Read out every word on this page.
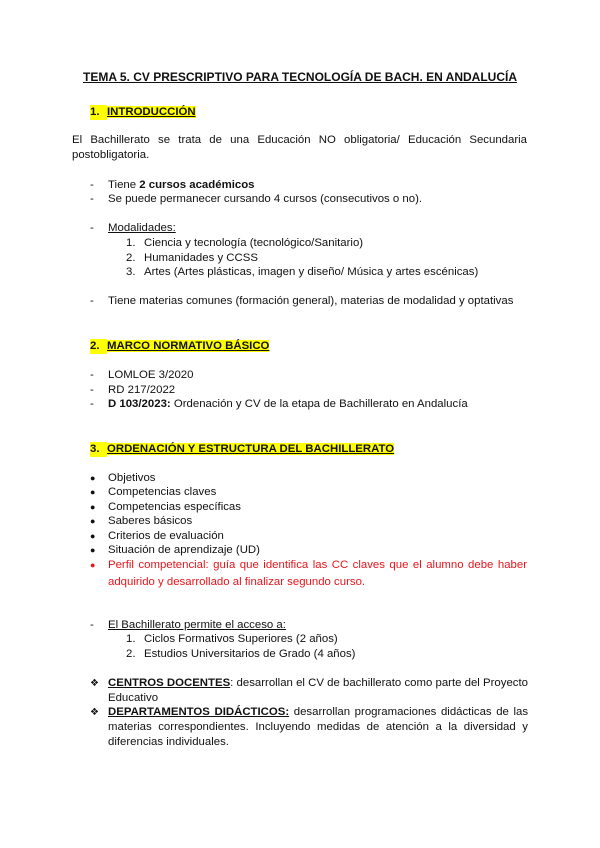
TEMA 5. CV PRESCRIPTIVO PARA TECNOLOGÍA DE BACH. EN ANDALUCÍA
1. INTRODUCCIÓN
El Bachillerato se trata de una Educación NO obligatoria/ Educación Secundaria
postobligatoria.
- Tiene 2 cursos académicos
- Se puede permanecer cursando 4 cursos (consecutivos o no).
- Modalidades:
1. Ciencia y tecnología (tecnológico/Sanitario)
2. Humanidades y CCSS
3. Artes (Artes plásticas, imagen y diseño/ Música y artes escénicas)
- Tiene materias comunes (formación general), materias de modalidad y optativas
2. MARCO NORMATIVO BÁSICO
- LOMLOE 3/2020
- RD 217/2022
- D 103/2023: Ordenación y CV de la etapa de Bachillerato en Andalucía
3. ORDENACIÓN Y ESTRUCTURA DEL BACHILLERATO
● Objetivos
● Competencias claves
● Competencias específicas
● Saberes básicos
● Criterios de evaluación
● Situación de aprendizaje (UD)
● Perfil competencial: guía que identifica las CC claves que el alumno debe haber
adquirido y desarrollado al finalizar segundo curso.
- El Bachillerato permite el acceso a:
1. Ciclos Formativos Superiores (2 años)
2. Estudios Universitarios de Grado (4 años)
❖ CENTROS DOCENTES: desarrollan el CV de bachillerato como parte del Proyecto Educativo
❖ DEPARTAMENTOS DIDÁCTICOS: desarrollan programaciones didácticas de las materias correspondientes. Incluyendo medidas de atención a la diversidad y diferencias individuales.
